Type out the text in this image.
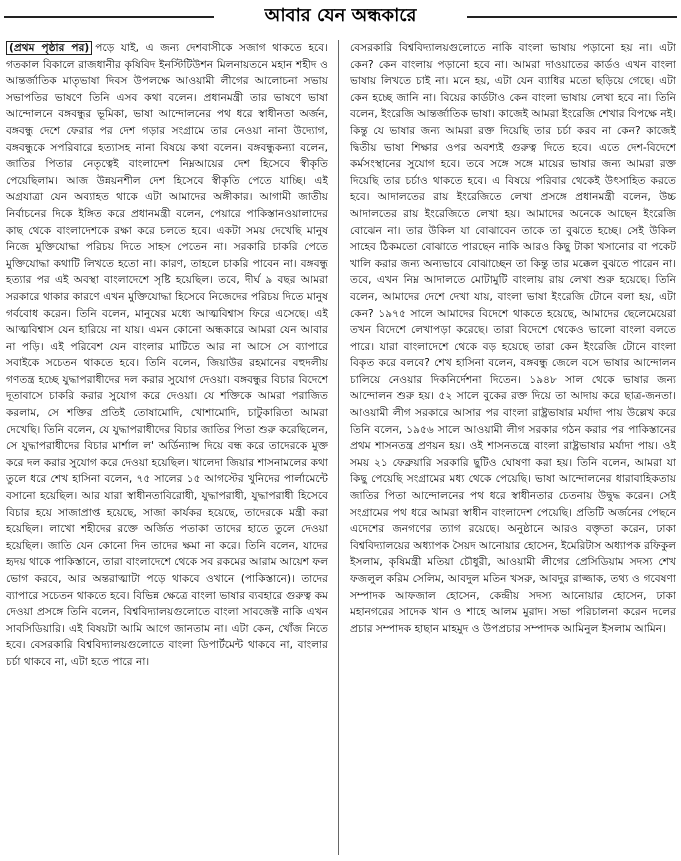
আবার যেন অন্ধকারে

(প্রথম পৃষ্ঠার পর) পড়ে যাই, এ জন্য দেশবাসীকে সজাগ থাকতে হবে। গতকাল বিকালে রাজধানীর কৃষিবিদ ইনস্টিটিউশন মিলনায়তনে মহান শহীদ ও আন্তর্জাতিক মাতৃভাষা দিবস উপলক্ষে আওয়ামী লীগের আলোচনা সভায় সভাপতির ভাষণে তিনি এসব কথা বলেন। প্রধানমন্ত্রী তার ভাষণে ভাষা আন্দোলনে বঙ্গবন্ধুর ভূমিকা, ভাষা আন্দোলনের পথ ধরে স্বাধীনতা অর্জন, বঙ্গবন্ধু দেশে ফেরার পর দেশ গড়ার সংগ্রামে তার নেওয়া নানা উদ্যোগ, বঙ্গবন্ধুকে সপরিবারে হত্যাসহ নানা বিষয়ে কথা বলেন। বঙ্গবন্ধুকন্যা বলেন, জাতির পিতার নেতৃত্বেই বাংলাদেশ নিম্নআয়ের দেশ হিসেবে স্বীকৃতি পেয়েছিলাম। আজ উন্নয়নশীল দেশ হিসেবে স্বীকৃতি পেতে যাচ্ছি। এই অগ্রযাত্রা যেন অব্যাহত থাকে এটা আমাদের অঙ্গীকার। আগামী জাতীয় নির্বাচনের দিকে ইঙ্গিত করে প্রধানমন্ত্রী বলেন, পেয়ারে পাকিস্তানওয়ালাদের কাছ থেকে বাংলাদেশকে রক্ষা করে চলতে হবে। একটা সময় দেখেছি মানুষ নিজে মুক্তিযোদ্ধা পরিচয় দিতে সাহস পেতেন না। সরকারি চাকরি পেতে মুক্তিযোদ্ধা কথাটি লিখতে হতো না। কারণ, তাহলে চাকরি পাবেন না। বঙ্গবন্ধু হত্যার পর এই অবস্থা বাংলাদেশে সৃষ্টি হয়েছিল। তবে, দীর্ঘ ৯ বছর আমরা সরকারে থাকার কারণে এখন মুক্তিযোদ্ধা হিসেবে নিজেদের পরিচয় দিতে মানুষ গর্ববোধ করেন। তিনি বলেন, মানুষের মধ্যে আত্মবিশ্বাস ফিরে এসেছে। এই আত্মবিশ্বাস যেন হারিয়ে না যায়। এমন কোনো অন্ধকারে আমরা যেন আবার না পড়ি। এই পরিবেশ যেন বাংলার মাটিতে আর না আসে সে ব্যাপারে সবাইকে সচেতন থাকতে হবে। তিনি বলেন, জিয়াউর রহমানের বহুদলীয় গণতন্ত্র হচ্ছে যুদ্ধাপরাধীদের দল করার সুযোগ দেওয়া। বঙ্গবন্ধুর বিচার বিদেশে দূতাবাসে চাকরি করার সুযোগ করে দেওয়া। যে শক্তিকে আমরা পরাজিত করলাম, সে শক্তির প্রতিই তোষামোদি, খোশামোদি, চাটুকারিতা আমরা দেখেছি। তিনি বলেন, যে যুদ্ধাপরাধীদের বিচার জাতির পিতা শুরু করেছিলেন, সে যুদ্ধাপরাধীদের বিচার মার্শাল ল' অর্ডিন্যান্স দিয়ে বন্ধ করে তাদেরকে মুক্ত করে দল করার সুযোগ করে দেওয়া হয়েছিল। খালেদা জিয়ার শাসনামলের কথা তুলে ধরে শেখ হাসিনা বলেন, ৭৫ সালের ১৫ আগস্টের খুনিদের পার্লামেন্টে বসানো হয়েছিল। আর যারা স্বাধীনতাবিরোধী, যুদ্ধাপরাধী, যুদ্ধাপরাধী হিসেবে বিচার হয়ে সাজাপ্রাপ্ত হয়েছে, সাজা কার্যকর হয়েছে, তাদেরকে মন্ত্রী করা হয়েছিল। লাখো শহীদের রক্তে অর্জিত পতাকা তাদের হাতে তুলে দেওয়া হয়েছিল। জাতি যেন কোনো দিন তাদের ক্ষমা না করে। তিনি বলেন, যাদের হৃদয় থাকে পাকিস্তানে, তারা বাংলাদেশে থেকে সব রকমের আরাম আয়েশ ফল ভোগ করবে, আর অন্তরাত্মাটা পড়ে থাকবে ওখানে (পাকিস্তানে)। তাদের ব্যাপারে সচেতন থাকতে হবে। বিভিন্ন ক্ষেত্রে বাংলা ভাষার ব্যবহারে গুরুত্ব কম দেওয়া প্রসঙ্গে তিনি বলেন, বিশ্ববিদ্যালয়গুলোতে বাংলা সাবজেক্ট নাকি এখন সাবসিডিয়ারি। এই বিষয়টা আমি আগে জানতাম না। এটা কেন, খোঁজ নিতে হবে। বেসরকারি বিশ্ববিদ্যালয়গুলোতে বাংলা ডিপার্টমেন্ট থাকবে না, বাংলার চর্চা থাকবে না, এটা হতে পারে না।

বেসরকারি বিশ্ববিদ্যালয়গুলোতে নাকি বাংলা ভাষায় পড়ানো হয় না। এটা কেন? কেন বাংলায় পড়ানো হবে না। আমরা দাওয়াতের কার্ডও এখন বাংলা ভাষায় লিখতে চাই না। মনে হয়, এটা যেন ব্যাধির মতো ছড়িয়ে গেছে। এটা কেন হচ্ছে জানি না। বিয়ের কার্ডটাও কেন বাংলা ভাষায় লেখা হবে না। তিনি বলেন, ইংরেজি আন্তর্জাতিক ভাষা। কাজেই আমরা ইংরেজি শেখার বিপক্ষে নই। কিন্তু যে ভাষার জন্য আমরা রক্ত দিয়েছি তার চর্চা করব না কেন? কাজেই দ্বিতীয় ভাষা শিক্ষার ওপর অবশ্যই গুরুত্ব দিতে হবে। এতে দেশ-বিদেশে কর্মসংস্থানের সুযোগ হবে। তবে সঙ্গে সঙ্গে মায়ের ভাষার জন্য আমরা রক্ত দিয়েছি তার চর্চাও থাকতে হবে। এ বিষয়ে পরিবার থেকেই উৎসাহিত করতে হবে। আদালতের রায় ইংরেজিতে লেখা প্রসঙ্গে প্রধানমন্ত্রী বলেন, উচ্চ আদালতের রায় ইংরেজিতে লেখা হয়। আমাদের অনেকে আছেন ইংরেজি বোঝেন না। তার উকিল যা বোঝাবেন তাকে তা বুঝতে হচ্ছে। সেই উকিল সাহেব ঠিকমতো বোঝাতে পারছেন নাকি আরও কিছু টাকা খসানোর বা পকেট খালি করার জন্য অন্যভাবে বোঝাচ্ছেন তা কিন্তু তার মক্কেল বুঝতে পারেন না। তবে, এখন নিম্ন আদালতে মোটামুটি বাংলায় রায় লেখা শুরু হয়েছে। তিনি বলেন, আমাদের দেশে দেখা যায়, বাংলা ভাষা ইংরেজি টোনে বলা হয়, এটা কেন? ১৯৭৫ সালে আমাদের বিদেশে থাকতে হয়েছে, আমাদের ছেলেমেয়েরা তখন বিদেশে লেখাপড়া করেছে। তারা বিদেশে থেকেও ভালো বাংলা বলতে পারে। যারা বাংলাদেশে থেকে বড় হয়েছে তারা কেন ইংরেজি টোনে বাংলা বিকৃত করে বলবে? শেখ হাসিনা বলেন, বঙ্গবন্ধু জেলে বসে ভাষার আন্দোলন চালিয়ে নেওয়ার দিকনির্দেশনা দিতেন। ১৯৪৮ সাল থেকে ভাষার জন্য আন্দোলন শুরু হয়। ৫২ সালে বুকের রক্ত দিয়ে তা আদায় করে ছাত্র-জনতা। আওয়ামী লীগ সরকারে আসার পর বাংলা রাষ্ট্রভাষার মর্যাদা পায় উল্লেখ করে তিনি বলেন, ১৯৫৬ সালে আওয়ামী লীগ সরকার গঠন করার পর পাকিস্তানের প্রথম শাসনতন্ত্র প্রণয়ন হয়। ওই শাসনতন্ত্রে বাংলা রাষ্ট্রভাষার মর্যাদা পায়। ওই সময় ২১ ফেব্রুয়ারি সরকারি ছুটিও ঘোষণা করা হয়। তিনি বলেন, আমরা যা কিছু পেয়েছি সংগ্রামের মধ্য থেকে পেয়েছি। ভাষা আন্দোলনের ধারাবাহিকতায় জাতির পিতা আন্দোলনের পথ ধরে স্বাধীনতার চেতনায় উদ্বুদ্ধ করেন। সেই সংগ্রামের পথ ধরে আমরা স্বাধীন বাংলাদেশ পেয়েছি। প্রতিটি অর্জনের পেছনে এদেশের জনগণের ত্যাগ রয়েছে। অনুষ্ঠানে আরও বক্তৃতা করেন, ঢাকা বিশ্ববিদ্যালয়ের অধ্যাপক সৈয়দ আনোয়ার হোসেন, ইমেরিটাস অধ্যাপক রফিকুল ইসলাম, কৃষিমন্ত্রী মতিয়া চৌধুরী, আওয়ামী লীগের প্রেসিডিয়াম সদস্য শেখ ফজলুল করিম সেলিম, আবদুল মতিন খসরু, আবদুর রাজ্জাক, তথ্য ও গবেষণা সম্পাদক আফজাল হোসেন, কেন্দ্রীয় সদস্য আনোয়ার হোসেন, ঢাকা মহানগরের সাদেক খান ও শাহে আলম মুরাদ। সভা পরিচালনা করেন দলের প্রচার সম্পাদক হাছান মাহমুদ ও উপপ্রচার সম্পাদক আমিনুল ইসলাম আমিন।
